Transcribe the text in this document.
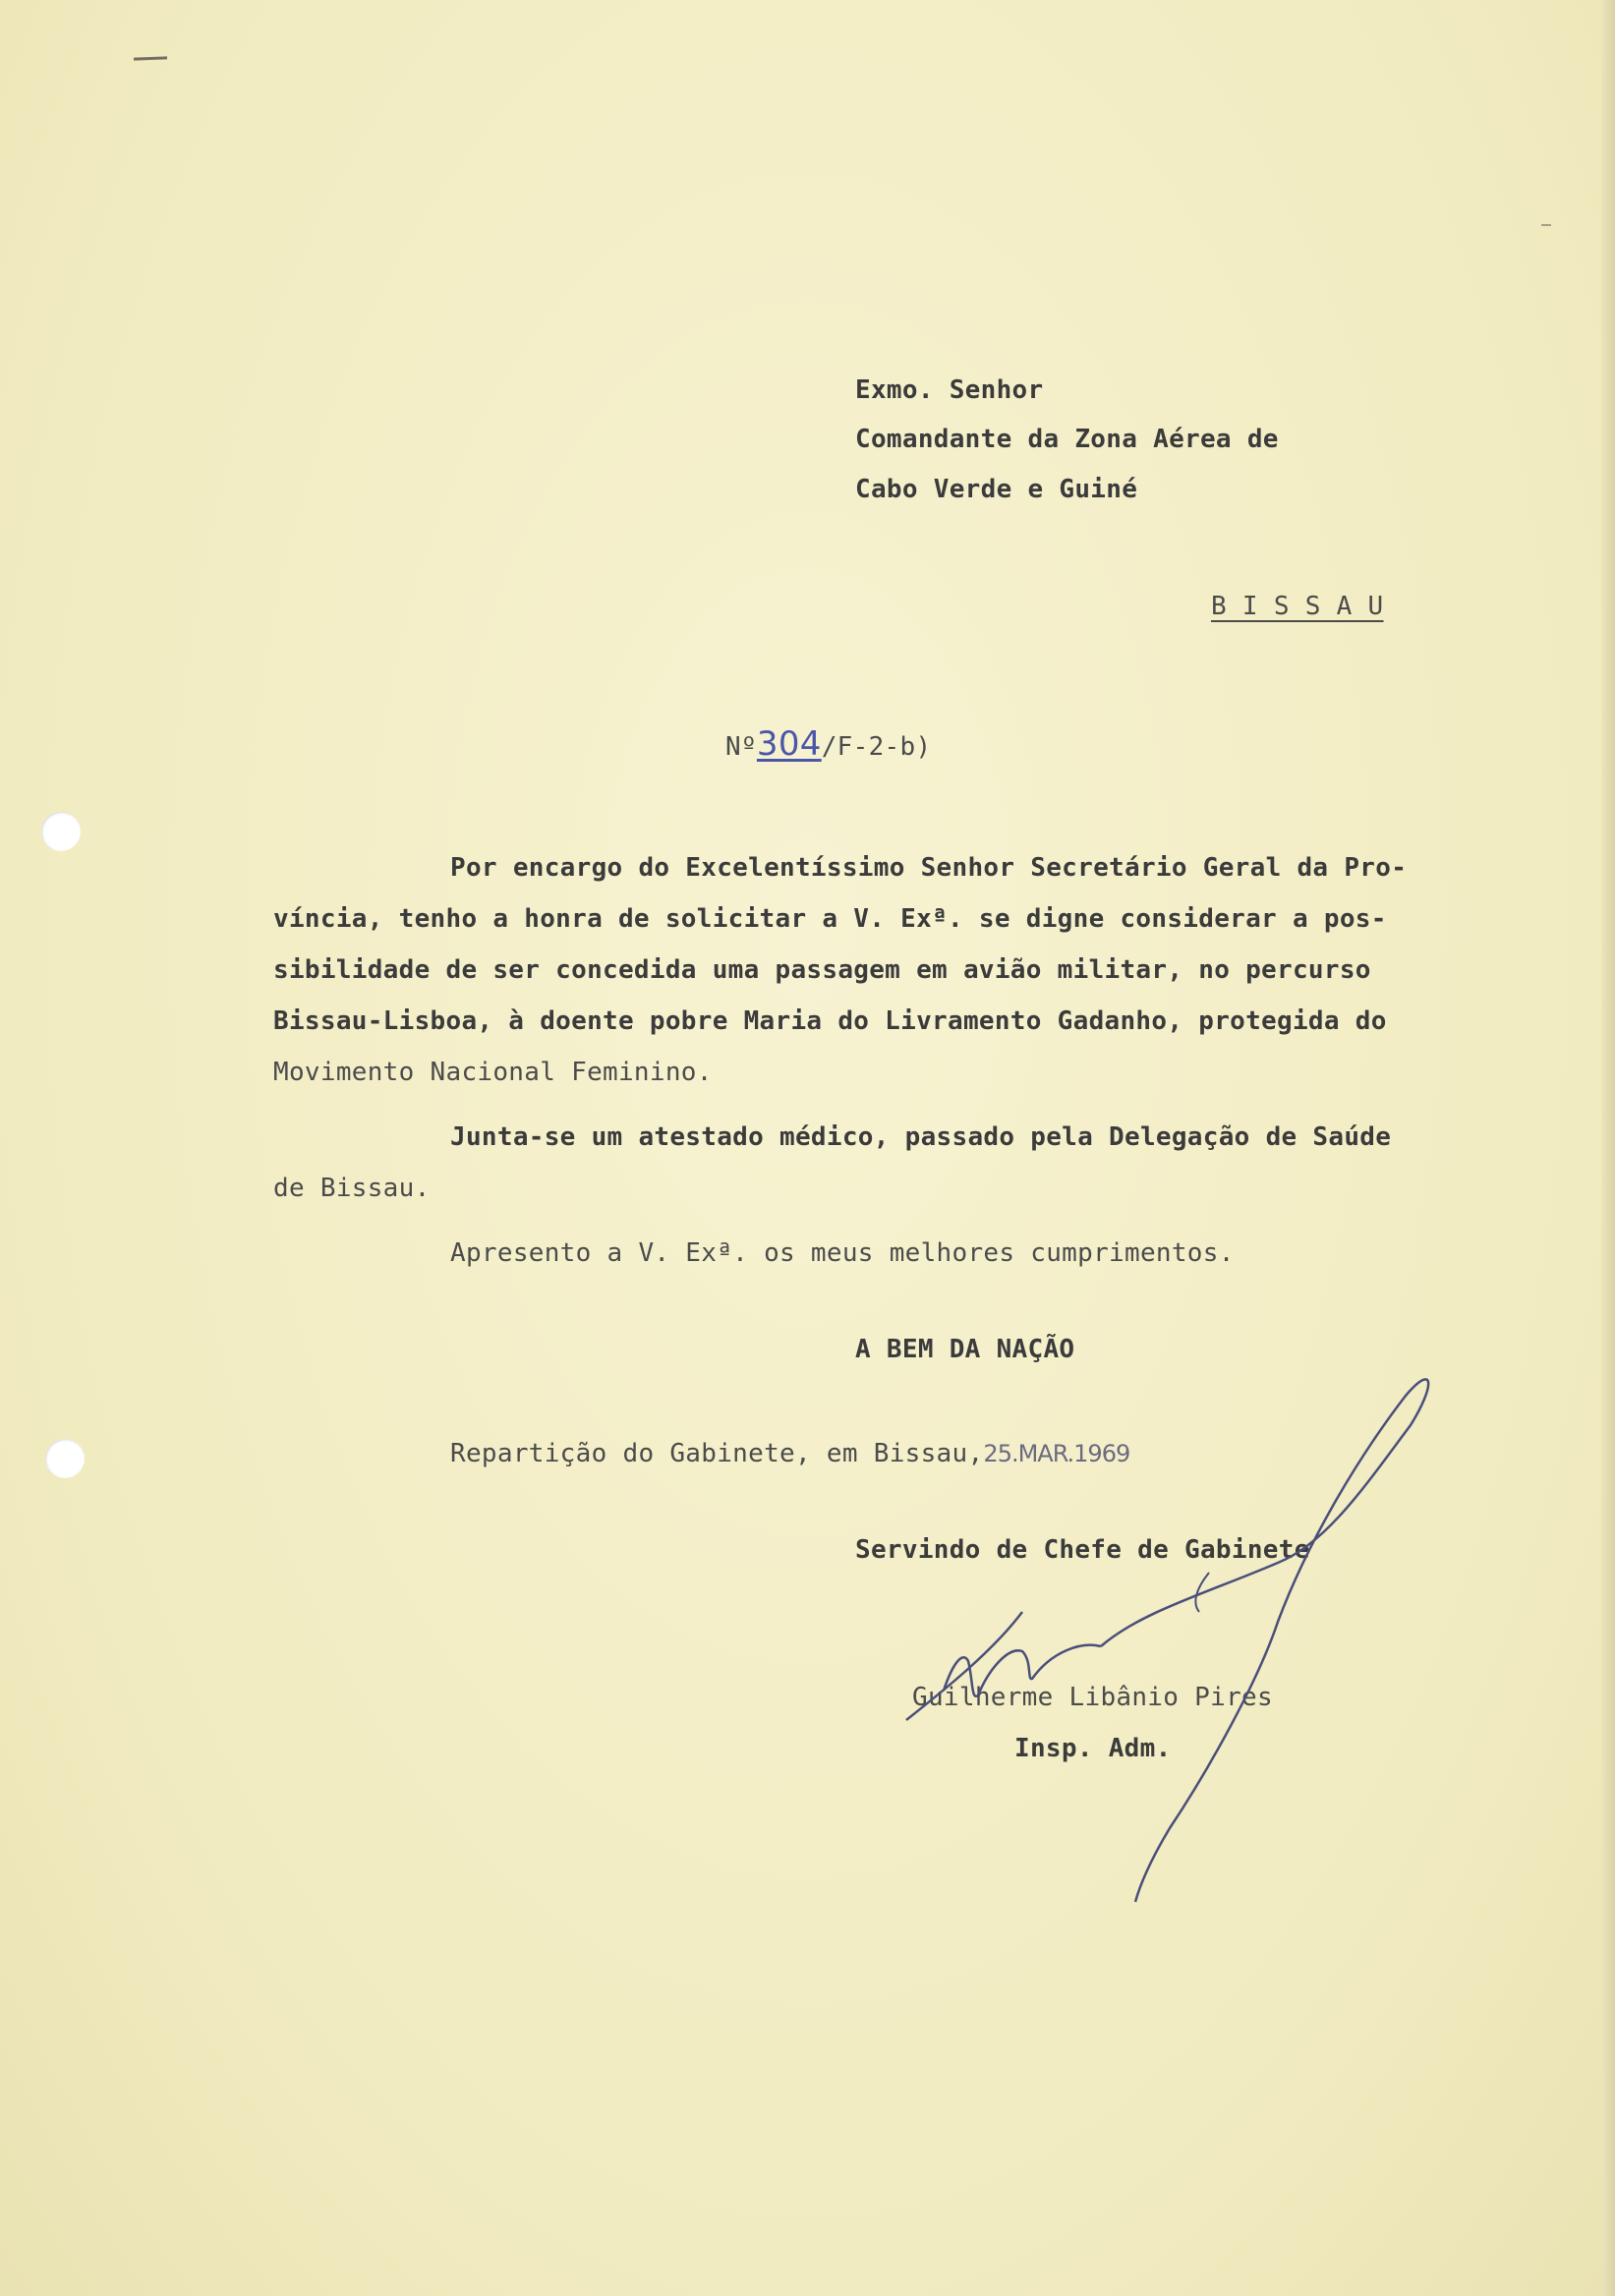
Exmo. Senhor
Comandante da Zona Aérea de
Cabo Verde e Guiné
B I S S A U
Nº304/F-2-b)
Por encargo do Excelentíssimo Senhor Secretário Geral da Pro-
víncia, tenho a honra de solicitar a V. Exª. se digne considerar a pos-
sibilidade de ser concedida uma passagem em avião militar, no percurso
Bissau-Lisboa, à doente pobre Maria do Livramento Gadanho, protegida do
Movimento Nacional Feminino.
Junta-se um atestado médico, passado pela Delegação de Saúde
de Bissau.
Apresento a V. Exª. os meus melhores cumprimentos.
A BEM DA NAÇÃO
Repartição do Gabinete, em Bissau,25.MAR.1969
Servindo de Chefe de Gabinete
Guilherme Libânio Pires
Insp. Adm.
